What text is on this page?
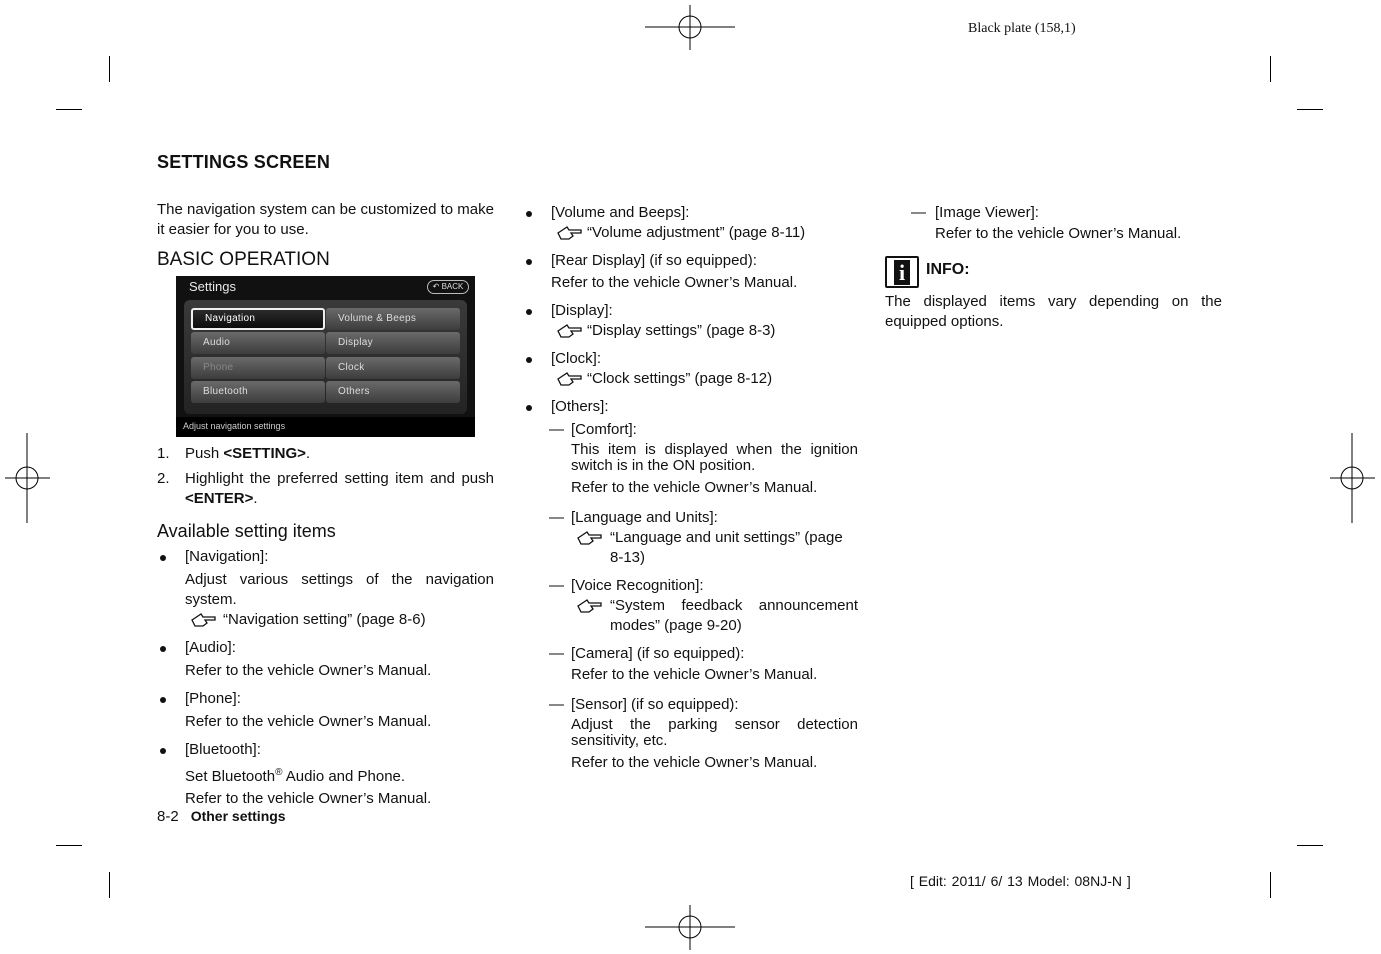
Black plate (158,1)
SETTINGS SCREEN
The navigation system can be customized to make it easier for you to use.
BASIC OPERATION
Settings	↶ BACK
Navigation	Volume & Beeps
Audio	Display
Phone	Clock
Bluetooth	Others
Adjust navigation settings
1. Push <SETTING>.
2. Highlight the preferred setting item and push <ENTER>.
Available setting items
[Navigation]:
Adjust various settings of the navigation system.
“Navigation setting” (page 8-6)
[Audio]:
Refer to the vehicle Owner’s Manual.
[Phone]:
Refer to the vehicle Owner’s Manual.
[Bluetooth]:
Set Bluetooth® Audio and Phone.
Refer to the vehicle Owner’s Manual.
[Volume and Beeps]:
“Volume adjustment” (page 8-11)
[Rear Display] (if so equipped):
Refer to the vehicle Owner’s Manual.
[Display]:
“Display settings” (page 8-3)
[Clock]:
“Clock settings” (page 8-12)
[Others]:
— [Comfort]:
This item is displayed when the ignition switch is in the ON position.
Refer to the vehicle Owner’s Manual.
— [Language and Units]:
“Language and unit settings” (page 8-13)
— [Voice Recognition]:
“System feedback announcement modes” (page 9-20)
— [Camera] (if so equipped):
Refer to the vehicle Owner’s Manual.
— [Sensor] (if so equipped):
Adjust the parking sensor detection sensitivity, etc.
Refer to the vehicle Owner’s Manual.
— [Image Viewer]:
Refer to the vehicle Owner’s Manual.
i	INFO:
The displayed items vary depending on the equipped options.
8-2 Other settings
[ Edit: 2011/ 6/ 13 Model: 08NJ-N ]
